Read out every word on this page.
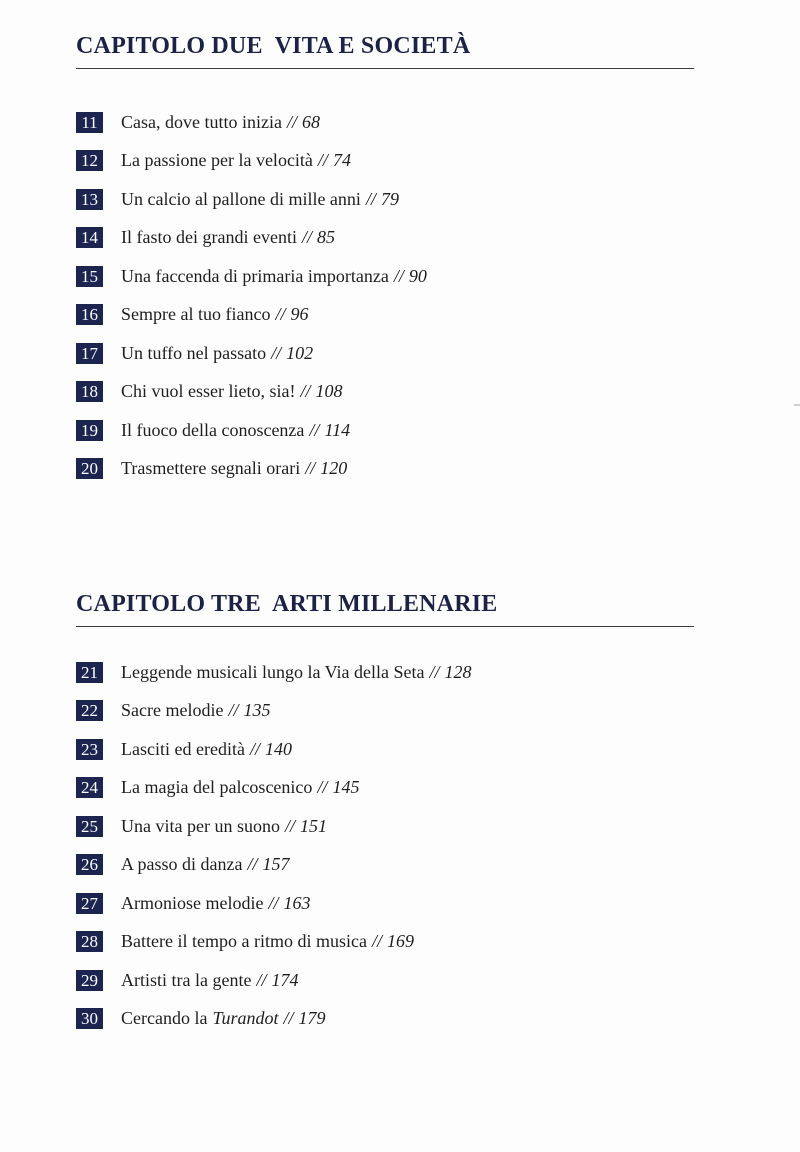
CAPITOLO DUE  VITA E SOCIETÀ
11 Casa, dove tutto inizia // 68
12 La passione per la velocità // 74
13 Un calcio al pallone di mille anni // 79
14 Il fasto dei grandi eventi // 85
15 Una faccenda di primaria importanza // 90
16 Sempre al tuo fianco // 96
17 Un tuffo nel passato // 102
18 Chi vuol esser lieto, sia! // 108
19 Il fuoco della conoscenza // 114
20 Trasmettere segnali orari // 120
CAPITOLO TRE  ARTI MILLENARIE
21 Leggende musicali lungo la Via della Seta // 128
22 Sacre melodie // 135
23 Lasciti ed eredità // 140
24 La magia del palcoscenico // 145
25 Una vita per un suono // 151
26 A passo di danza // 157
27 Armoniose melodie // 163
28 Battere il tempo a ritmo di musica // 169
29 Artisti tra la gente // 174
30 Cercando la Turandot // 179
